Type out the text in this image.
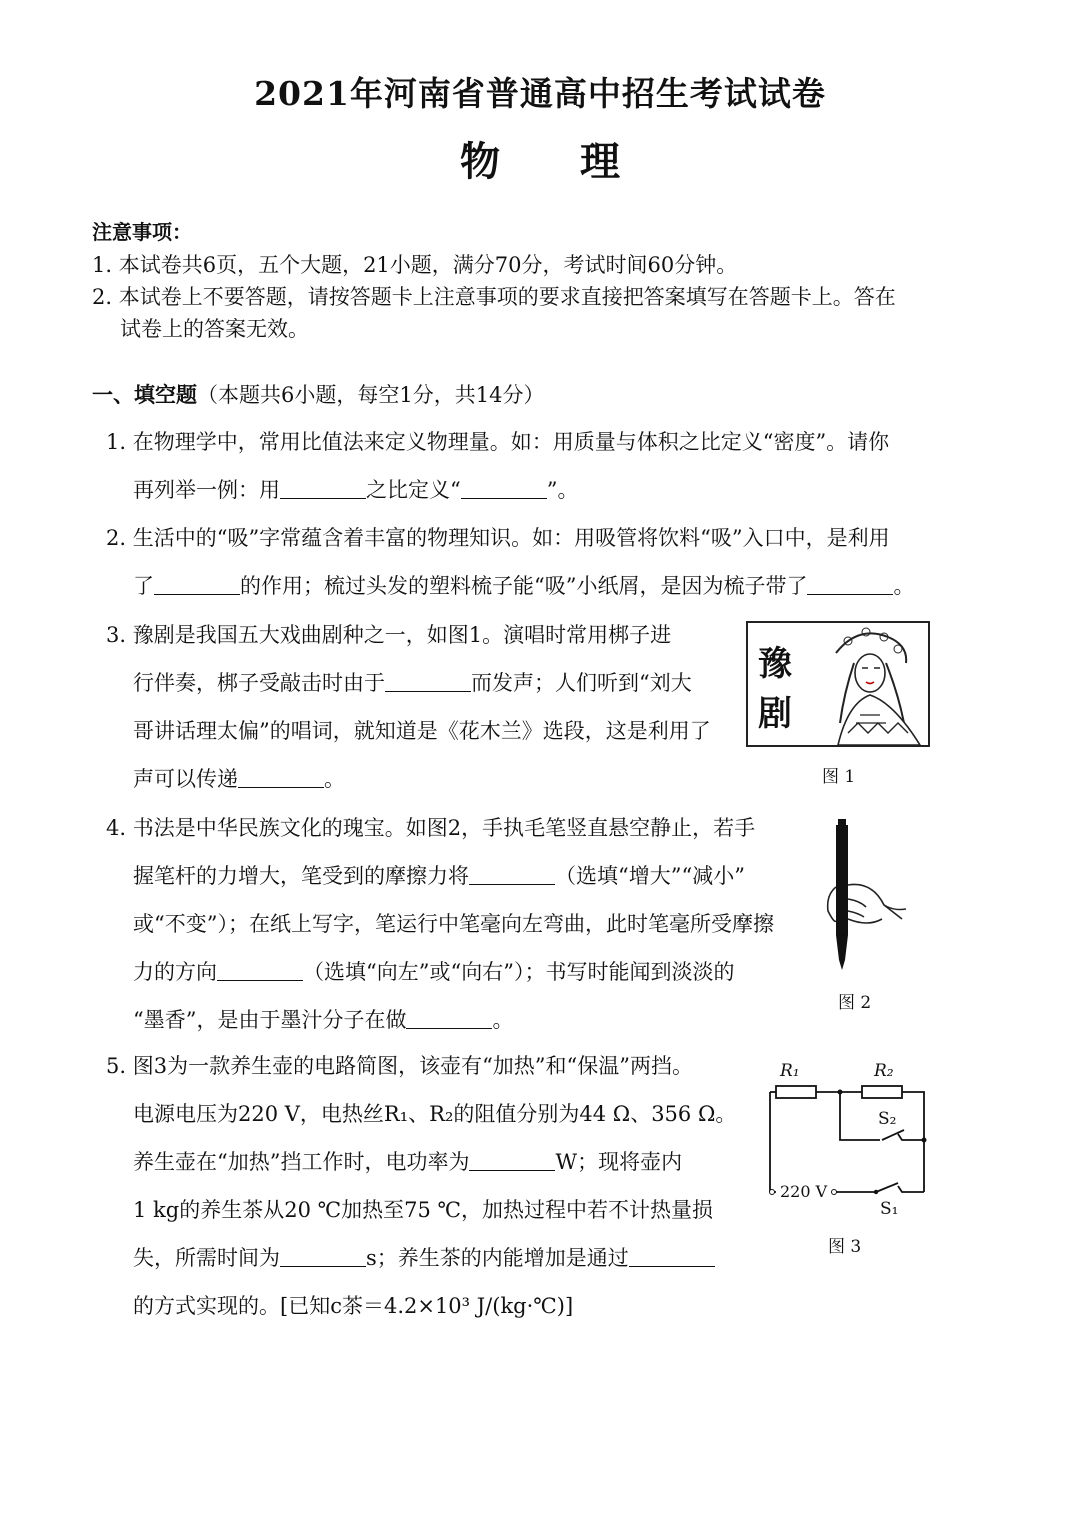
2021年河南省普通高中招生考试试卷
物 理
注意事项：
1. 本试卷共6页，五个大题，21小题，满分70分，考试时间60分钟。
2. 本试卷上不要答题，请按答题卡上注意事项的要求直接把答案填写在答题卡上。答在
试卷上的答案无效。
一、填空题（本题共6小题，每空1分，共14分）
1. 在物理学中，常用比值法来定义物理量。如：用质量与体积之比定义“密度”。请你
再列举一例：用	之比定义“	”。
2. 生活中的“吸”字常蕴含着丰富的物理知识。如：用吸管将饮料“吸”入口中，是利用
了	的作用；梳过头发的塑料梳子能“吸”小纸屑，是因为梳子带了	。
3. 豫剧是我国五大戏曲剧种之一，如图1。演唱时常用梆子进
行伴奏，梆子受敲击时由于	而发声；人们听到“刘大
哥讲话理太偏”的唱词，就知道是《花木兰》选段，这是利用了
声可以传递	。
豫
剧
图 1
4. 书法是中华民族文化的瑰宝。如图2，手执毛笔竖直悬空静止，若手
握笔杆的力增大，笔受到的摩擦力将	（选填“增大”“减小”
或“不变”）；在纸上写字，笔运行中笔毫向左弯曲，此时笔毫所受摩擦
力的方向	（选填“向左”或“向右”）；书写时能闻到淡淡的
“墨香”，是由于墨汁分子在做	。
图 2
5. 图3为一款养生壶的电路简图，该壶有“加热”和“保温”两挡。
电源电压为220 V，电热丝R₁、R₂的阻值分别为44 Ω、356 Ω。
养生壶在“加热”挡工作时，电功率为	W；现将壶内
1 kg的养生茶从20 ℃加热至75 ℃，加热过程中若不计热量损
失，所需时间为	s；养生茶的内能增加是通过
的方式实现的。[已知c茶＝4.2×10³ J/(kg·℃)]
R₁	R₂
S₂
220 V
S₁
图 3
